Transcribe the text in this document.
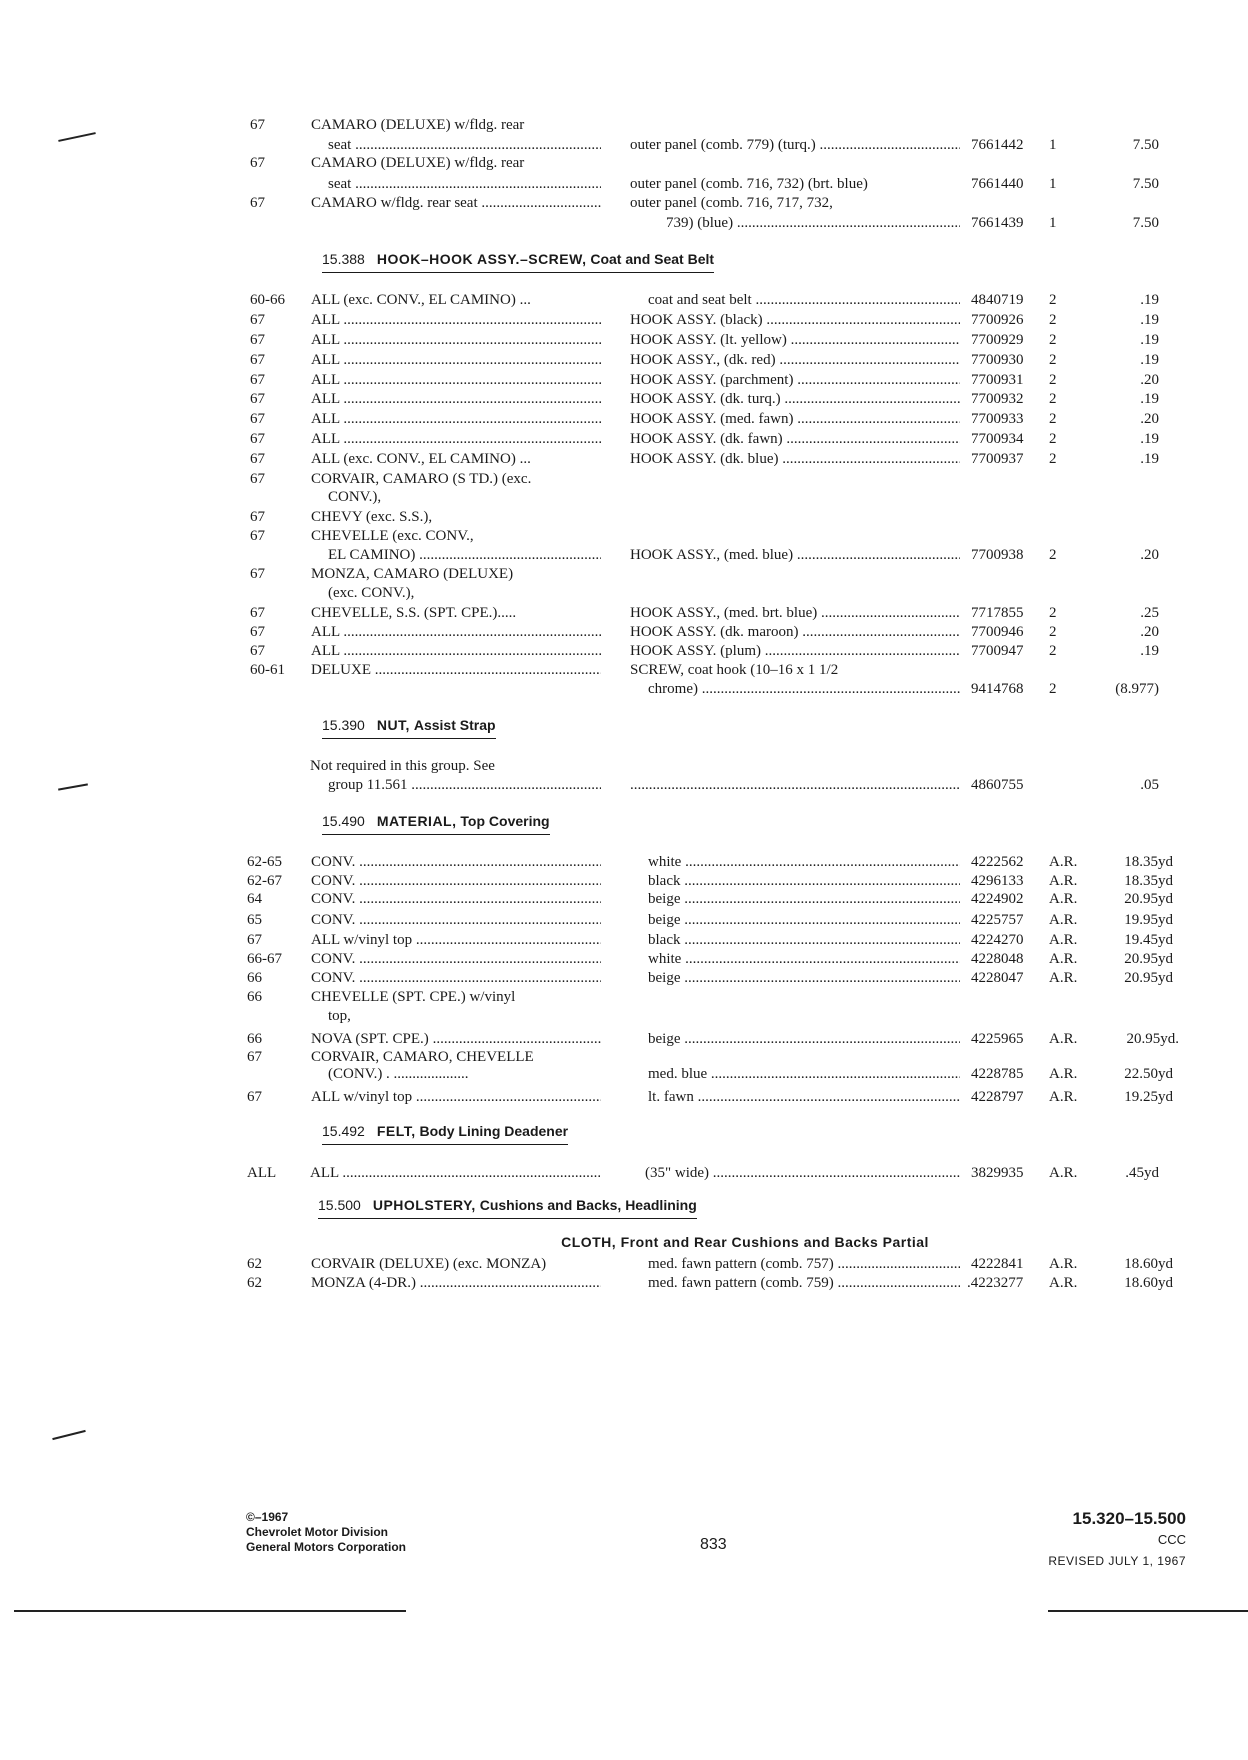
67	CAMARO (DELUXE) w/fldg. rear
seat .....	outer panel (comb. 779) (turq.) .....	7661442	1	7.50
67	CAMARO (DELUXE) w/fldg. rear
seat .....	outer panel (comb. 716, 732) (brt. blue)	7661440	1	7.50
67	CAMARO w/fldg. rear seat .....	outer panel (comb. 716, 717, 732,
739) (blue) .....	7661439	1	7.50
15.388 HOOK–HOOK ASSY.–SCREW, Coat and Seat Belt
60-66	ALL (exc. CONV., EL CAMINO) ...	coat and seat belt .....	4840719	2	.19
67	ALL .....	HOOK ASSY. (black) .....	7700926	2	.19
67	ALL .....	HOOK ASSY. (lt. yellow) .....	7700929	2	.19
67	ALL .....	HOOK ASSY., (dk. red) .....	7700930	2	.19
67	ALL .....	HOOK ASSY. (parchment) .....	7700931	2	.20
67	ALL .....	HOOK ASSY. (dk. turq.) .....	7700932	2	.19
67	ALL .....	HOOK ASSY. (med. fawn) .....	7700933	2	.20
67	ALL .....	HOOK ASSY. (dk. fawn) .....	7700934	2	.19
67	ALL (exc. CONV., EL CAMINO) ...	HOOK ASSY. (dk. blue) .....	7700937	2	.19
67	CORVAIR, CAMARO (S TD.) (exc.
CONV.),
67	CHEVY (exc. S.S.),
67	CHEVELLE (exc. CONV.,
EL CAMINO) .....	HOOK ASSY., (med. blue) .....	7700938	2	.20
67	MONZA, CAMARO (DELUXE)
(exc. CONV.),
67	CHEVELLE, S.S. (SPT. CPE.).....	HOOK ASSY., (med. brt. blue) .....	7717855	2	.25
67	ALL .....	HOOK ASSY. (dk. maroon) .....	7700946	2	.20
67	ALL .....	HOOK ASSY. (plum) .....	7700947	2	.19
60-61	DELUXE .....	SCREW, coat hook (10–16 x 1 1/2
chrome) .....	9414768	2	(8.977)
15.390 NUT, Assist Strap
Not required in this group. See
group 11.561 .....
.....	4860755	.05
15.490 MATERIAL, Top Covering
62-65	CONV. .....	white .....	4222562	A.R.	18.35yd
62-67	CONV. .....	black .....	4296133	A.R.	18.35yd
64	CONV. .....	beige .....	4224902	A.R.	20.95yd
65	CONV. .....	beige .....	4225757	A.R.	19.95yd
67	ALL w/vinyl top .....	black .....	4224270	A.R.	19.45yd
66-67	CONV. .....	white .....	4228048	A.R.	20.95yd
66	CONV. .....	beige .....	4228047	A.R.	20.95yd
66	CHEVELLE (SPT. CPE.) w/vinyl
top,
66	NOVA (SPT. CPE.) .....	beige .....	4225965	A.R.	20.95yd.
67	CORVAIR, CAMARO, CHEVELLE
(CONV.) . ....................	med. blue .....	4228785	A.R.	22.50yd
67	ALL w/vinyl top .....	lt. fawn .....	4228797	A.R.	19.25yd
15.492 FELT, Body Lining Deadener
ALL	ALL .....	(35" wide) .....	3829935	A.R.	.45yd
15.500 UPHOLSTERY, Cushions and Backs, Headlining
CLOTH, Front and Rear Cushions and Backs Partial
62	CORVAIR (DELUXE) (exc. MONZA)	med. fawn pattern (comb. 757) .....	4222841	A.R.	18.60yd
62	MONZA (4-DR.) .....	med. fawn pattern (comb. 759) .....	.4223277	A.R.	18.60yd
©–1967
Chevrolet Motor Division
General Motors Corporation	833
15.320–15.500
CCC
REVISED JULY 1, 1967
